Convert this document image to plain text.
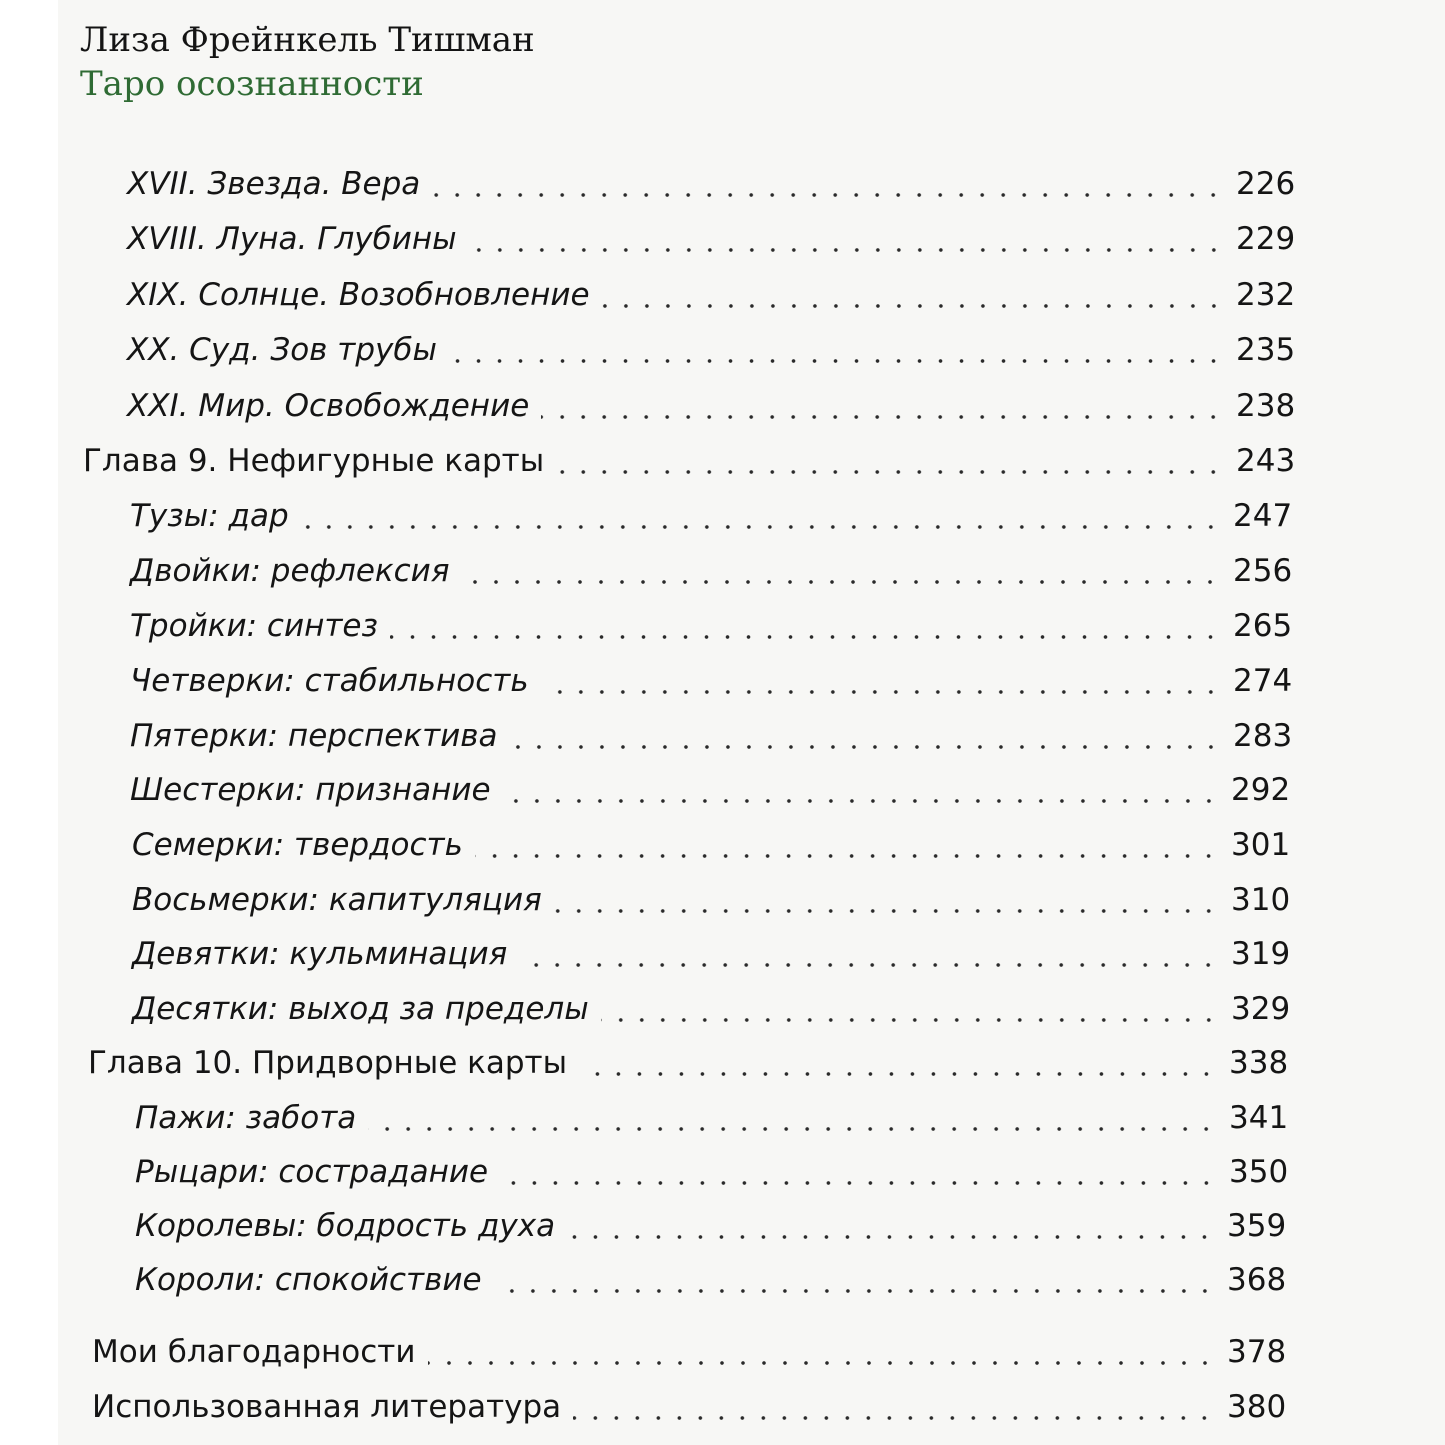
Лиза Фрейнкель Тишман
Таро осознанности
XVII. Звезда. Вера	226
XVIII. Луна. Глубины	229
XIX. Солнце. Возобновление	232
XX. Суд. Зов трубы	235
XXI. Мир. Освобождение	238
Глава 9. Нефигурные карты	243
Тузы: дар	247
Двойки: рефлексия	256
Тройки: синтез	265
Четверки: стабильность	274
Пятерки: перспектива	283
Шестерки: признание	292
Семерки: твердость	301
Восьмерки: капитуляция	310
Девятки: кульминация	319
Десятки: выход за пределы	329
Глава 10. Придворные карты	338
Пажи: забота	341
Рыцари: сострадание	350
Королевы: бодрость духа	359
Короли: спокойствие	368
Мои благодарности	378
Использованная литература	380
